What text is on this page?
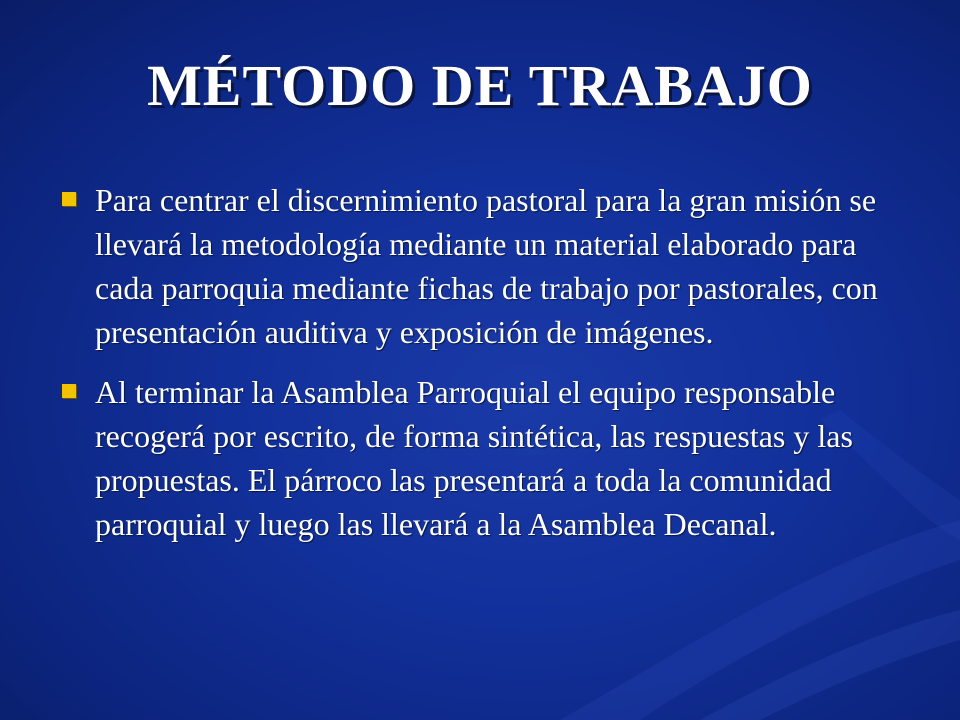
MÉTODO DE TRABAJO
Para centrar el discernimiento pastoral para la gran misión se llevará la metodología mediante un material elaborado para cada parroquia mediante fichas de trabajo por pastorales, con presentación auditiva y exposición de imágenes.
Al terminar la Asamblea Parroquial el equipo responsable recogerá por escrito, de forma sintética, las respuestas y las propuestas. El párroco las presentará a toda la comunidad parroquial y luego las llevará a la Asamblea Decanal.
